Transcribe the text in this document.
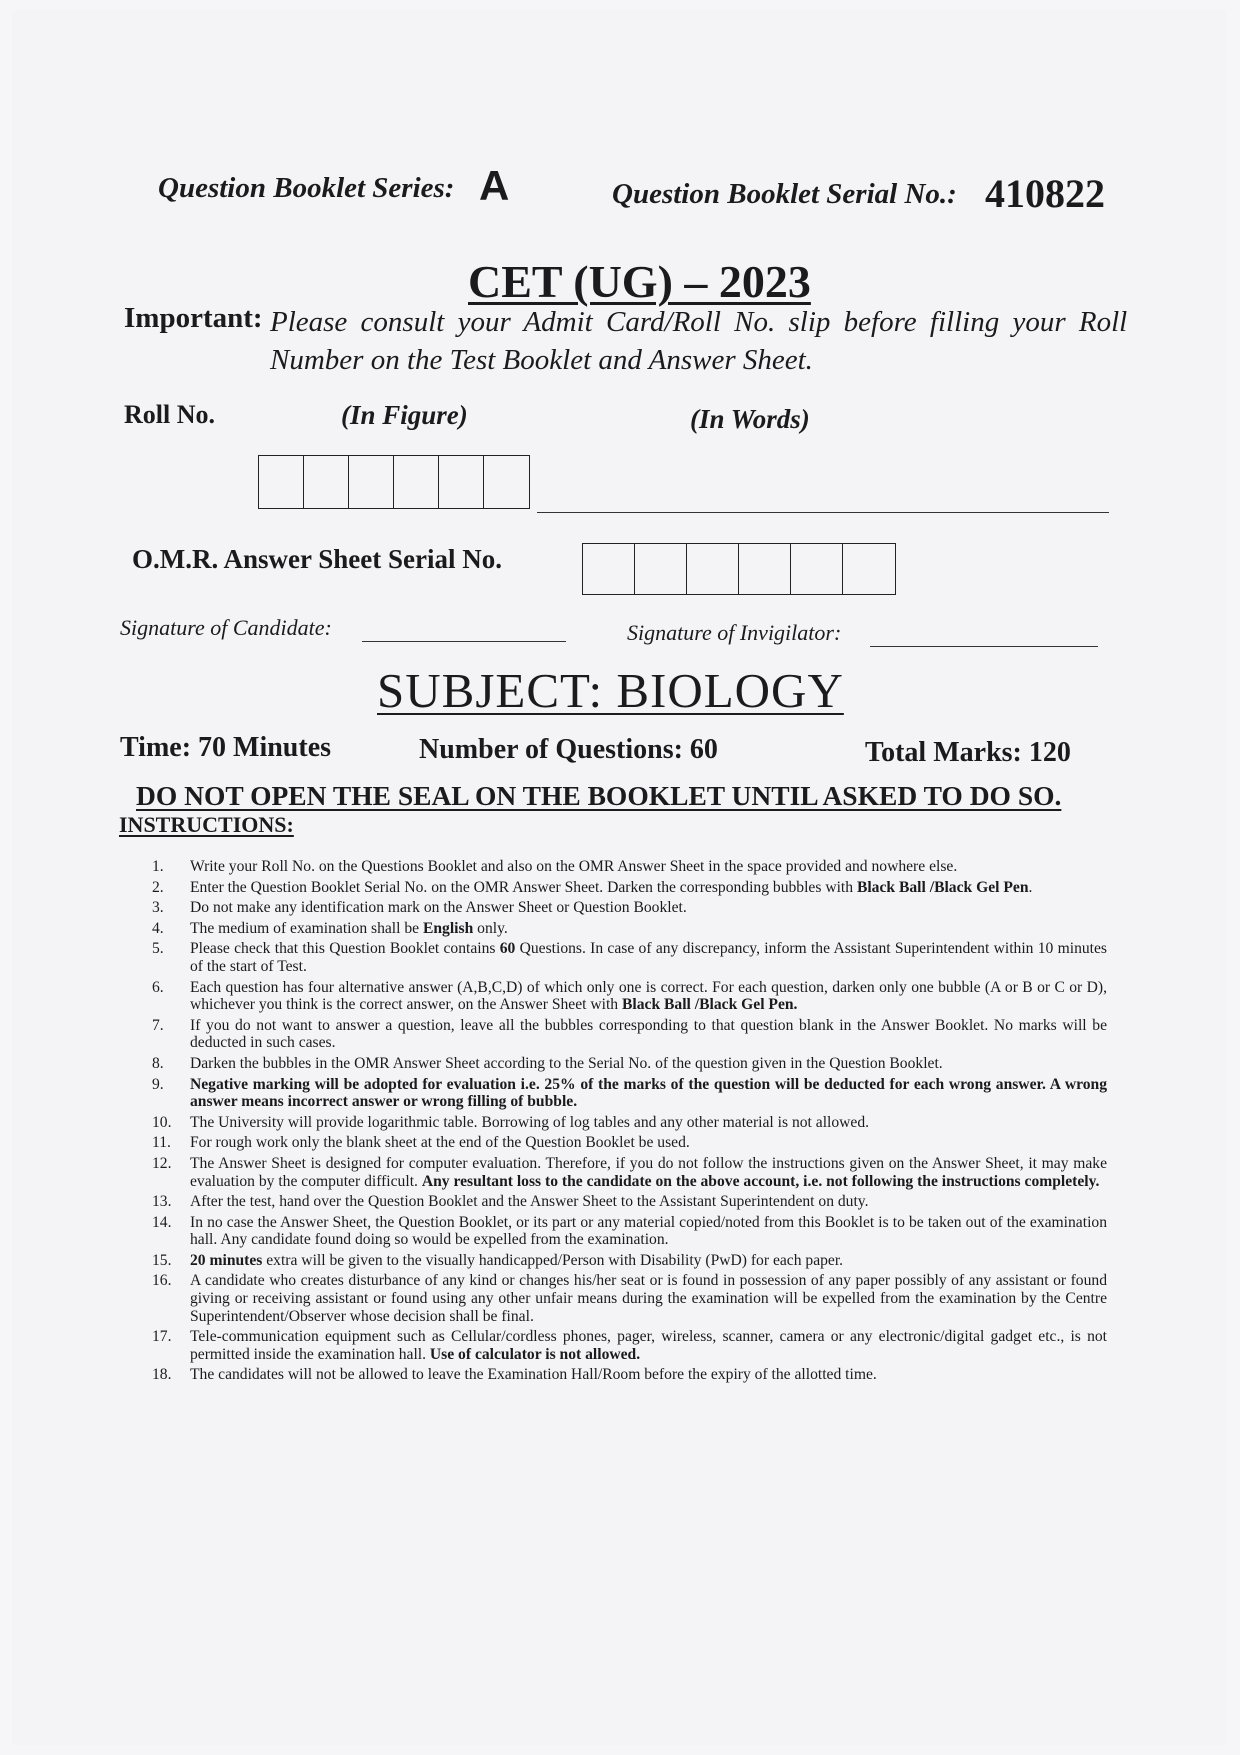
Question Booklet Series: A	Question Booklet Serial No.: 410822
CET (UG) – 2023
Important: Please consult your Admit Card/Roll No. slip before filling your Roll
Number on the Test Booklet and Answer Sheet.
Roll No.	(In Figure)	(In Words)
O.M.R. Answer Sheet Serial No.
Signature of Candidate:	Signature of Invigilator:
SUBJECT: BIOLOGY
Time: 70 Minutes	Number of Questions: 60	Total Marks: 120
DO NOT OPEN THE SEAL ON THE BOOKLET UNTIL ASKED TO DO SO.
INSTRUCTIONS:
1.	Write your Roll No. on the Questions Booklet and also on the OMR Answer Sheet in the space provided and nowhere else.
2.	Enter the Question Booklet Serial No. on the OMR Answer Sheet. Darken the corresponding bubbles with Black Ball /Black Gel Pen.
3.	Do not make any identification mark on the Answer Sheet or Question Booklet.
4.	The medium of examination shall be English only.
5.	Please check that this Question Booklet contains 60 Questions. In case of any discrepancy, inform the Assistant Superintendent within 10 minutes of the start of Test.
6.	Each question has four alternative answer (A,B,C,D) of which only one is correct. For each question, darken only one bubble (A or B or C or D), whichever you think is the correct answer, on the Answer Sheet with Black Ball /Black Gel Pen.
7.	If you do not want to answer a question, leave all the bubbles corresponding to that question blank in the Answer Booklet. No marks will be deducted in such cases.
8.	Darken the bubbles in the OMR Answer Sheet according to the Serial No. of the question given in the Question Booklet.
9.	Negative marking will be adopted for evaluation i.e. 25% of the marks of the question will be deducted for each wrong answer. A wrong answer means incorrect answer or wrong filling of bubble.
10.	The University will provide logarithmic table. Borrowing of log tables and any other material is not allowed.
11.	For rough work only the blank sheet at the end of the Question Booklet be used.
12.	The Answer Sheet is designed for computer evaluation. Therefore, if you do not follow the instructions given on the Answer Sheet, it may make evaluation by the computer difficult. Any resultant loss to the candidate on the above account, i.e. not following the instructions completely.
13.	After the test, hand over the Question Booklet and the Answer Sheet to the Assistant Superintendent on duty.
14.	In no case the Answer Sheet, the Question Booklet, or its part or any material copied/noted from this Booklet is to be taken out of the examination hall. Any candidate found doing so would be expelled from the examination.
15.	20 minutes extra will be given to the visually handicapped/Person with Disability (PwD) for each paper.
16.	A candidate who creates disturbance of any kind or changes his/her seat or is found in possession of any paper possibly of any assistant or found giving or receiving assistant or found using any other unfair means during the examination will be expelled from the examination by the Centre Superintendent/Observer whose decision shall be final.
17.	Tele-communication equipment such as Cellular/cordless phones, pager, wireless, scanner, camera or any electronic/digital gadget etc., is not permitted inside the examination hall. Use of calculator is not allowed.
18.	The candidates will not be allowed to leave the Examination Hall/Room before the expiry of the allotted time.
